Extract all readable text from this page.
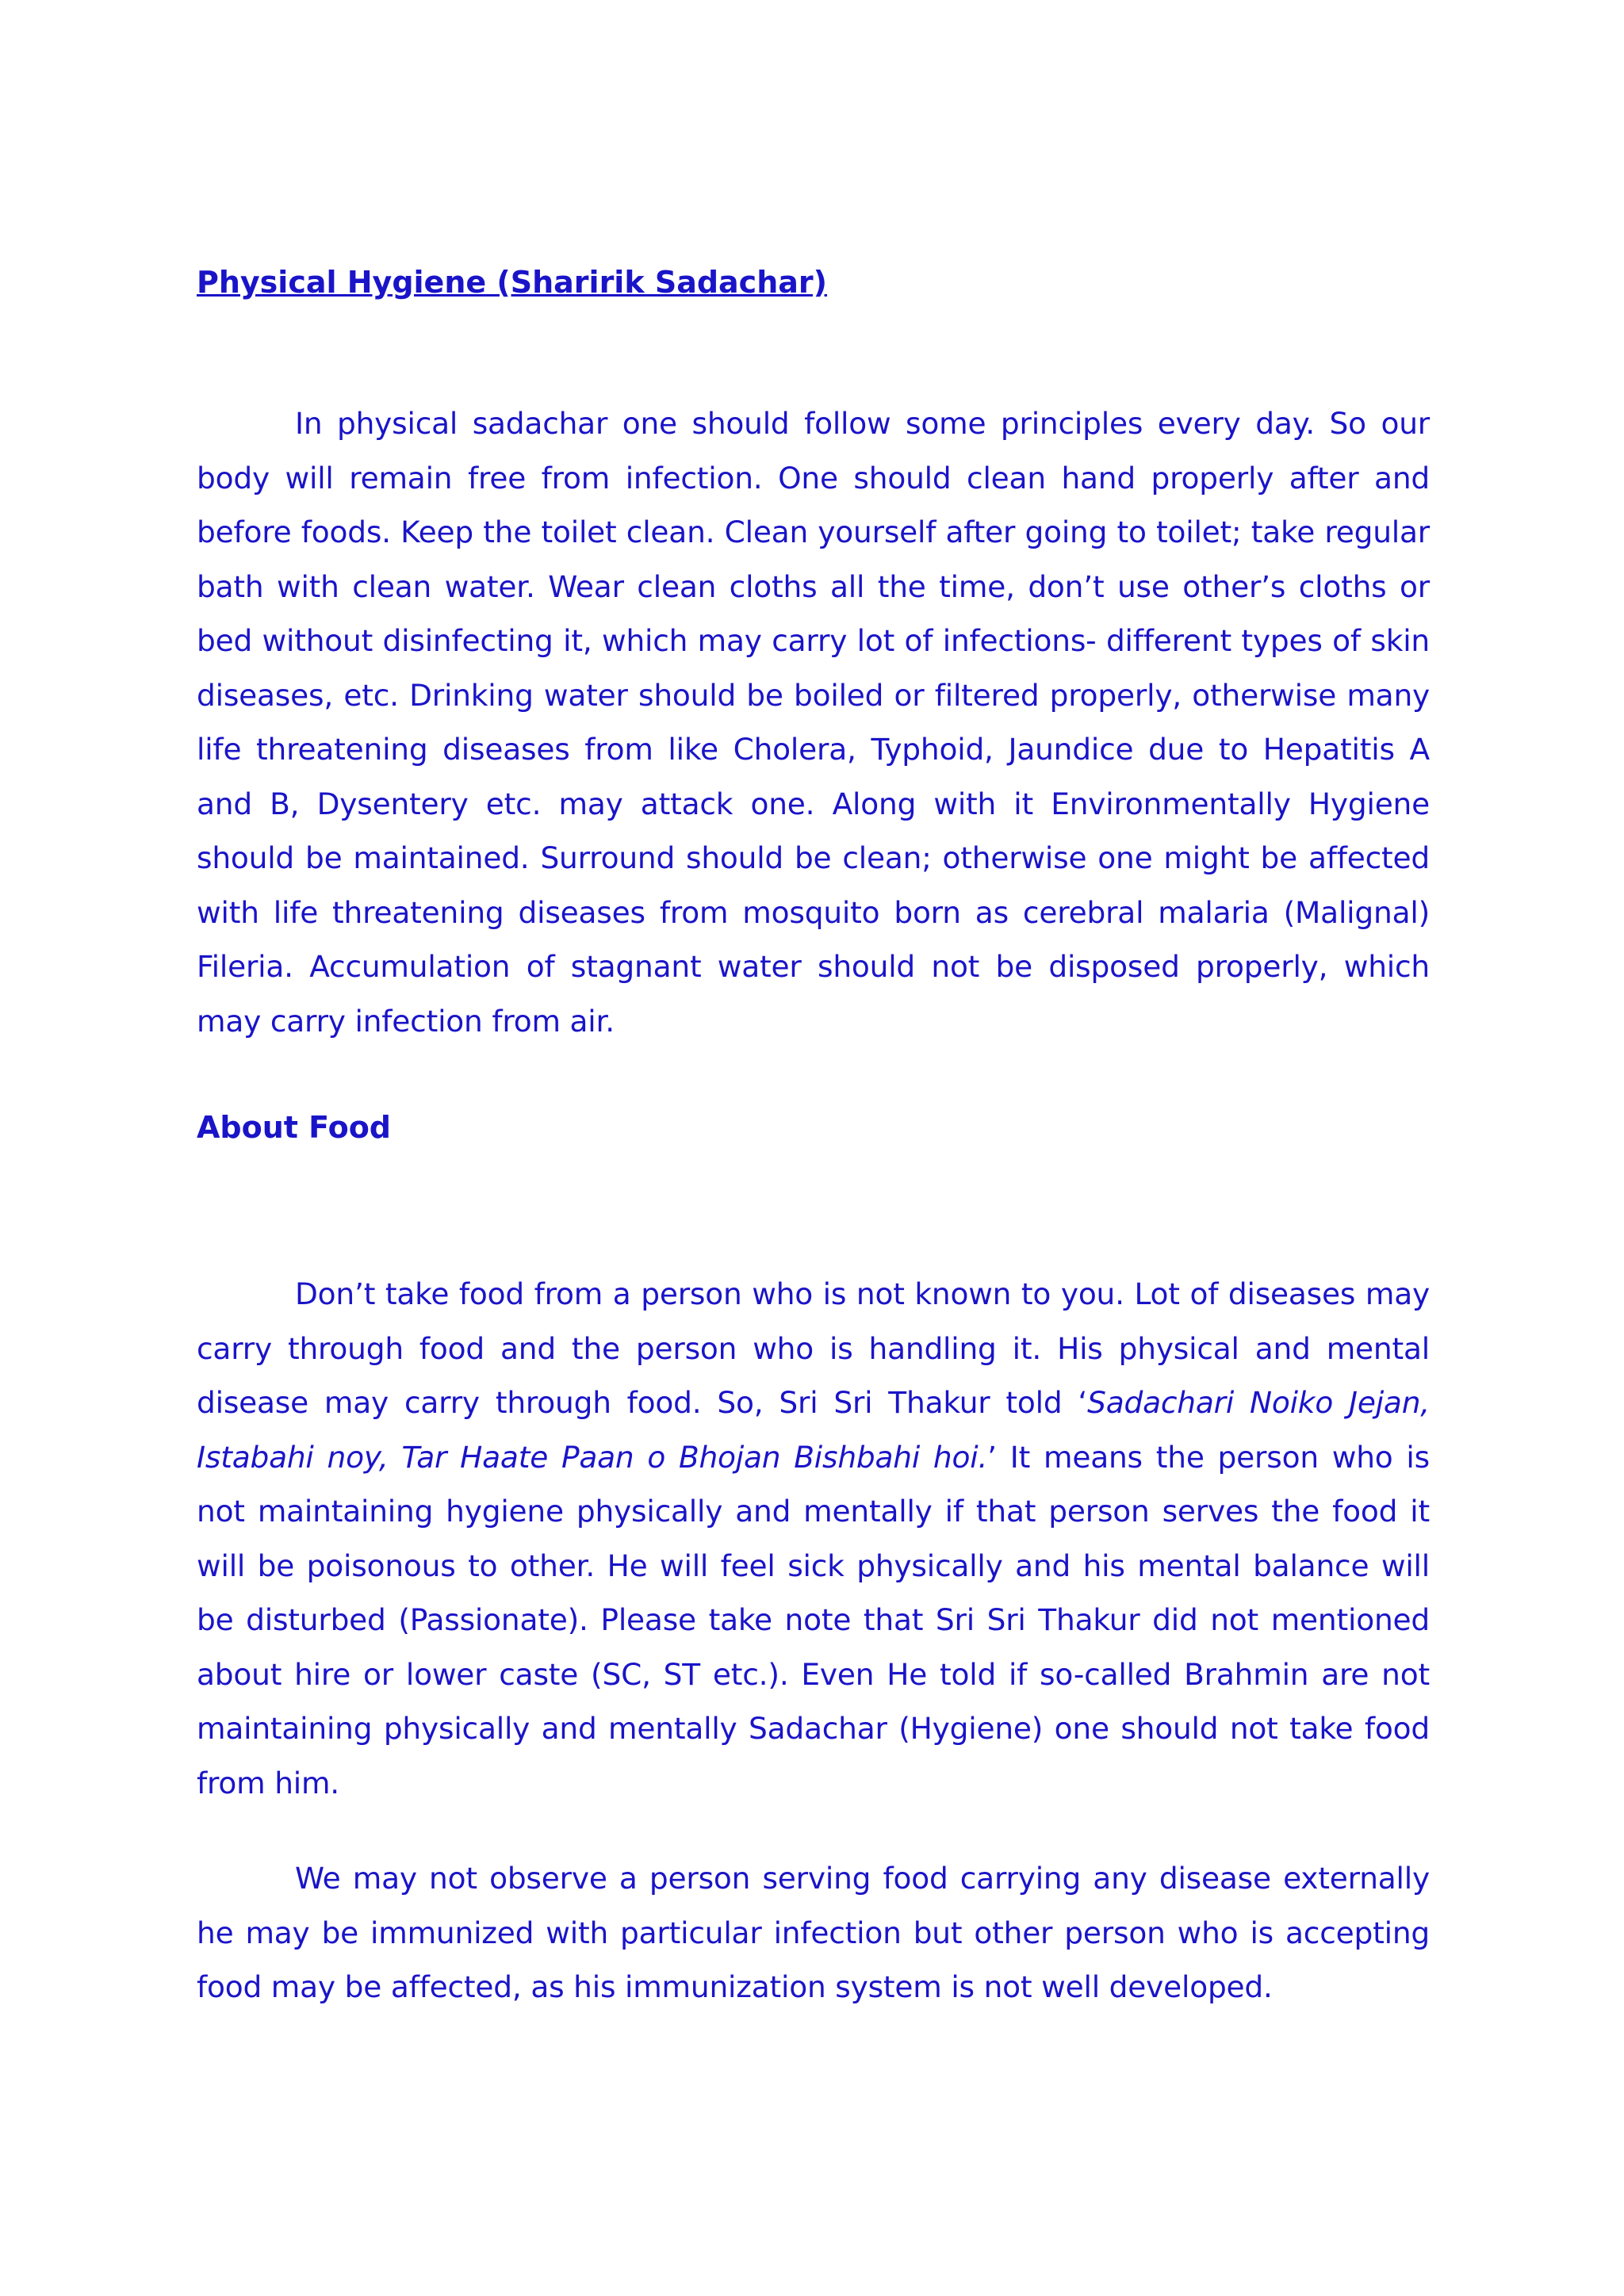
Physical Hygiene (Sharirik Sadachar)

In physical sadachar one should follow some principles every day. So our body will remain free from infection. One should clean hand properly after and before foods. Keep the toilet clean. Clean yourself after going to toilet; take regular bath with clean water. Wear clean cloths all the time, don’t use other’s cloths or bed without disinfecting it, which may carry lot of infections- different types of skin diseases, etc. Drinking water should be boiled or filtered properly, otherwise many life threatening diseases from like Cholera, Typhoid, Jaundice due to Hepatitis A and B, Dysentery etc. may attack one. Along with it Environmentally Hygiene should be maintained. Surround should be clean; otherwise one might be affected with life threatening diseases from mosquito born as cerebral malaria (Malignal) Fileria. Accumulation of stagnant water should not be disposed properly, which may carry infection from air.

About Food

Don’t take food from a person who is not known to you. Lot of diseases may carry through food and the person who is handling it. His physical and mental disease may carry through food. So, Sri Sri Thakur told ‘Sadachari Noiko Jejan, Istabahi noy, Tar Haate Paan o Bhojan Bishbahi hoi.’ It means the person who is not maintaining hygiene physically and mentally if that person serves the food it will be poisonous to other. He will feel sick physically and his mental balance will be disturbed (Passionate). Please take note that Sri Sri Thakur did not mentioned about hire or lower caste (SC, ST etc.). Even He told if so-called Brahmin are not maintaining physically and mentally Sadachar (Hygiene) one should not take food from him.

We may not observe a person serving food carrying any disease externally he may be immunized with particular infection but other person who is accepting food may be affected, as his immunization system is not well developed.
